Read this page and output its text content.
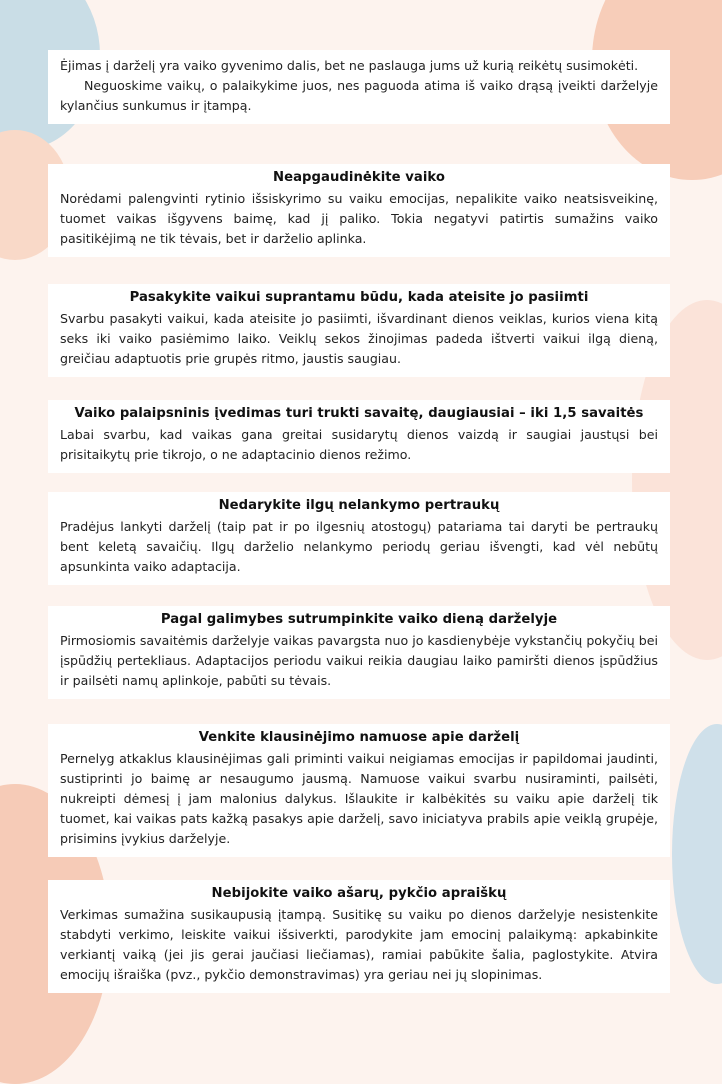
Ėjimas į darželį yra vaiko gyvenimo dalis, bet ne paslauga jums už kurią reikėtų susimokėti.

Neguoskime vaikų, o palaikykime juos, nes paguoda atima iš vaiko drąsą įveikti darželyje kylančius sunkumus ir įtampą.

Neapgaudinėkite vaiko

Norėdami palengvinti rytinio išsiskyrimo su vaiku emocijas, nepalikite vaiko neatsisveikinę, tuomet vaikas išgyvens baimę, kad jį paliko. Tokia negatyvi patirtis sumažins vaiko pasitikėjimą ne tik tėvais, bet ir darželio aplinka.

Pasakykite vaikui suprantamu būdu, kada ateisite jo pasiimti

Svarbu pasakyti vaikui, kada ateisite jo pasiimti, išvardinant dienos veiklas, kurios viena kitą seks iki vaiko pasiėmimo laiko. Veiklų sekos žinojimas padeda ištverti vaikui ilgą dieną, greičiau adaptuotis prie grupės ritmo, jaustis saugiau.

Vaiko palaipsninis įvedimas turi trukti savaitę, daugiausiai – iki 1,5 savaitės

Labai svarbu, kad vaikas gana greitai susidarytų dienos vaizdą ir saugiai jaustųsi bei prisitaikytų prie tikrojo, o ne adaptacinio dienos režimo.

Nedarykite ilgų nelankymo pertraukų

Pradėjus lankyti darželį (taip pat ir po ilgesnių atostogų) patariama tai daryti be pertraukų bent keletą savaičių. Ilgų darželio nelankymo periodų geriau išvengti, kad vėl nebūtų apsunkinta vaiko adaptacija.

Pagal galimybes sutrumpinkite vaiko dieną darželyje

Pirmosiomis savaitėmis darželyje vaikas pavargsta nuo jo kasdienybėje vykstančių pokyčių bei įspūdžių pertekliaus. Adaptacijos periodu vaikui reikia daugiau laiko pamiršti dienos įspūdžius ir pailsėti namų aplinkoje, pabūti su tėvais.

Venkite klausinėjimo namuose apie darželį

Pernelyg atkaklus klausinėjimas gali priminti vaikui neigiamas emocijas ir papildomai jaudinti, sustiprinti jo baimę ar nesaugumo jausmą. Namuose vaikui svarbu nusiraminti, pailsėti, nukreipti dėmesį į jam malonius dalykus. Išlaukite ir kalbėkitės su vaiku apie darželį tik tuomet, kai vaikas pats kažką pasakys apie darželį, savo iniciatyva prabils apie veiklą grupėje, prisimins įvykius darželyje.

Nebijokite vaiko ašarų, pykčio apraiškų

Verkimas sumažina susikaupusią įtampą. Susitikę su vaiku po dienos darželyje nesistenkite stabdyti verkimo, leiskite vaikui išsiverkti, parodykite jam emocinį palaikymą: apkabinkite verkiantį vaiką (jei jis gerai jaučiasi liečiamas), ramiai pabūkite šalia, paglostykite. Atvira emocijų išraiška (pvz., pykčio demonstravimas) yra geriau nei jų slopinimas.
